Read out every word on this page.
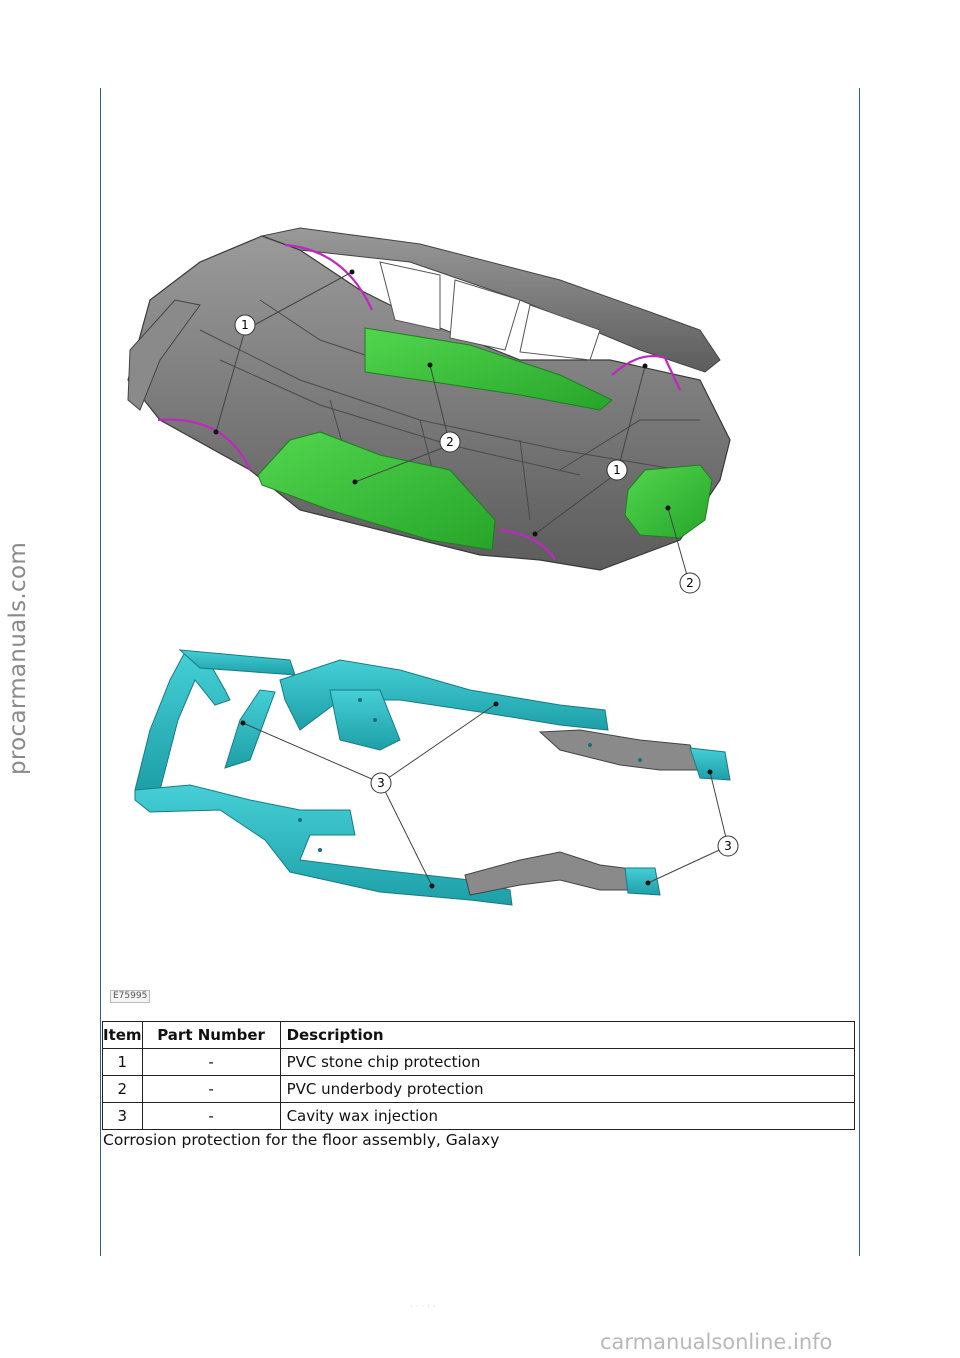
procarmanuals.com
· · · · ·
1
2
1
2
3
3
E75995
Item	Part Number	Description
1	-	PVC stone chip protection
2	-	PVC underbody protection
3	-	Cavity wax injection
Corrosion protection for the floor assembly, Galaxy
carmanualsonline.info
